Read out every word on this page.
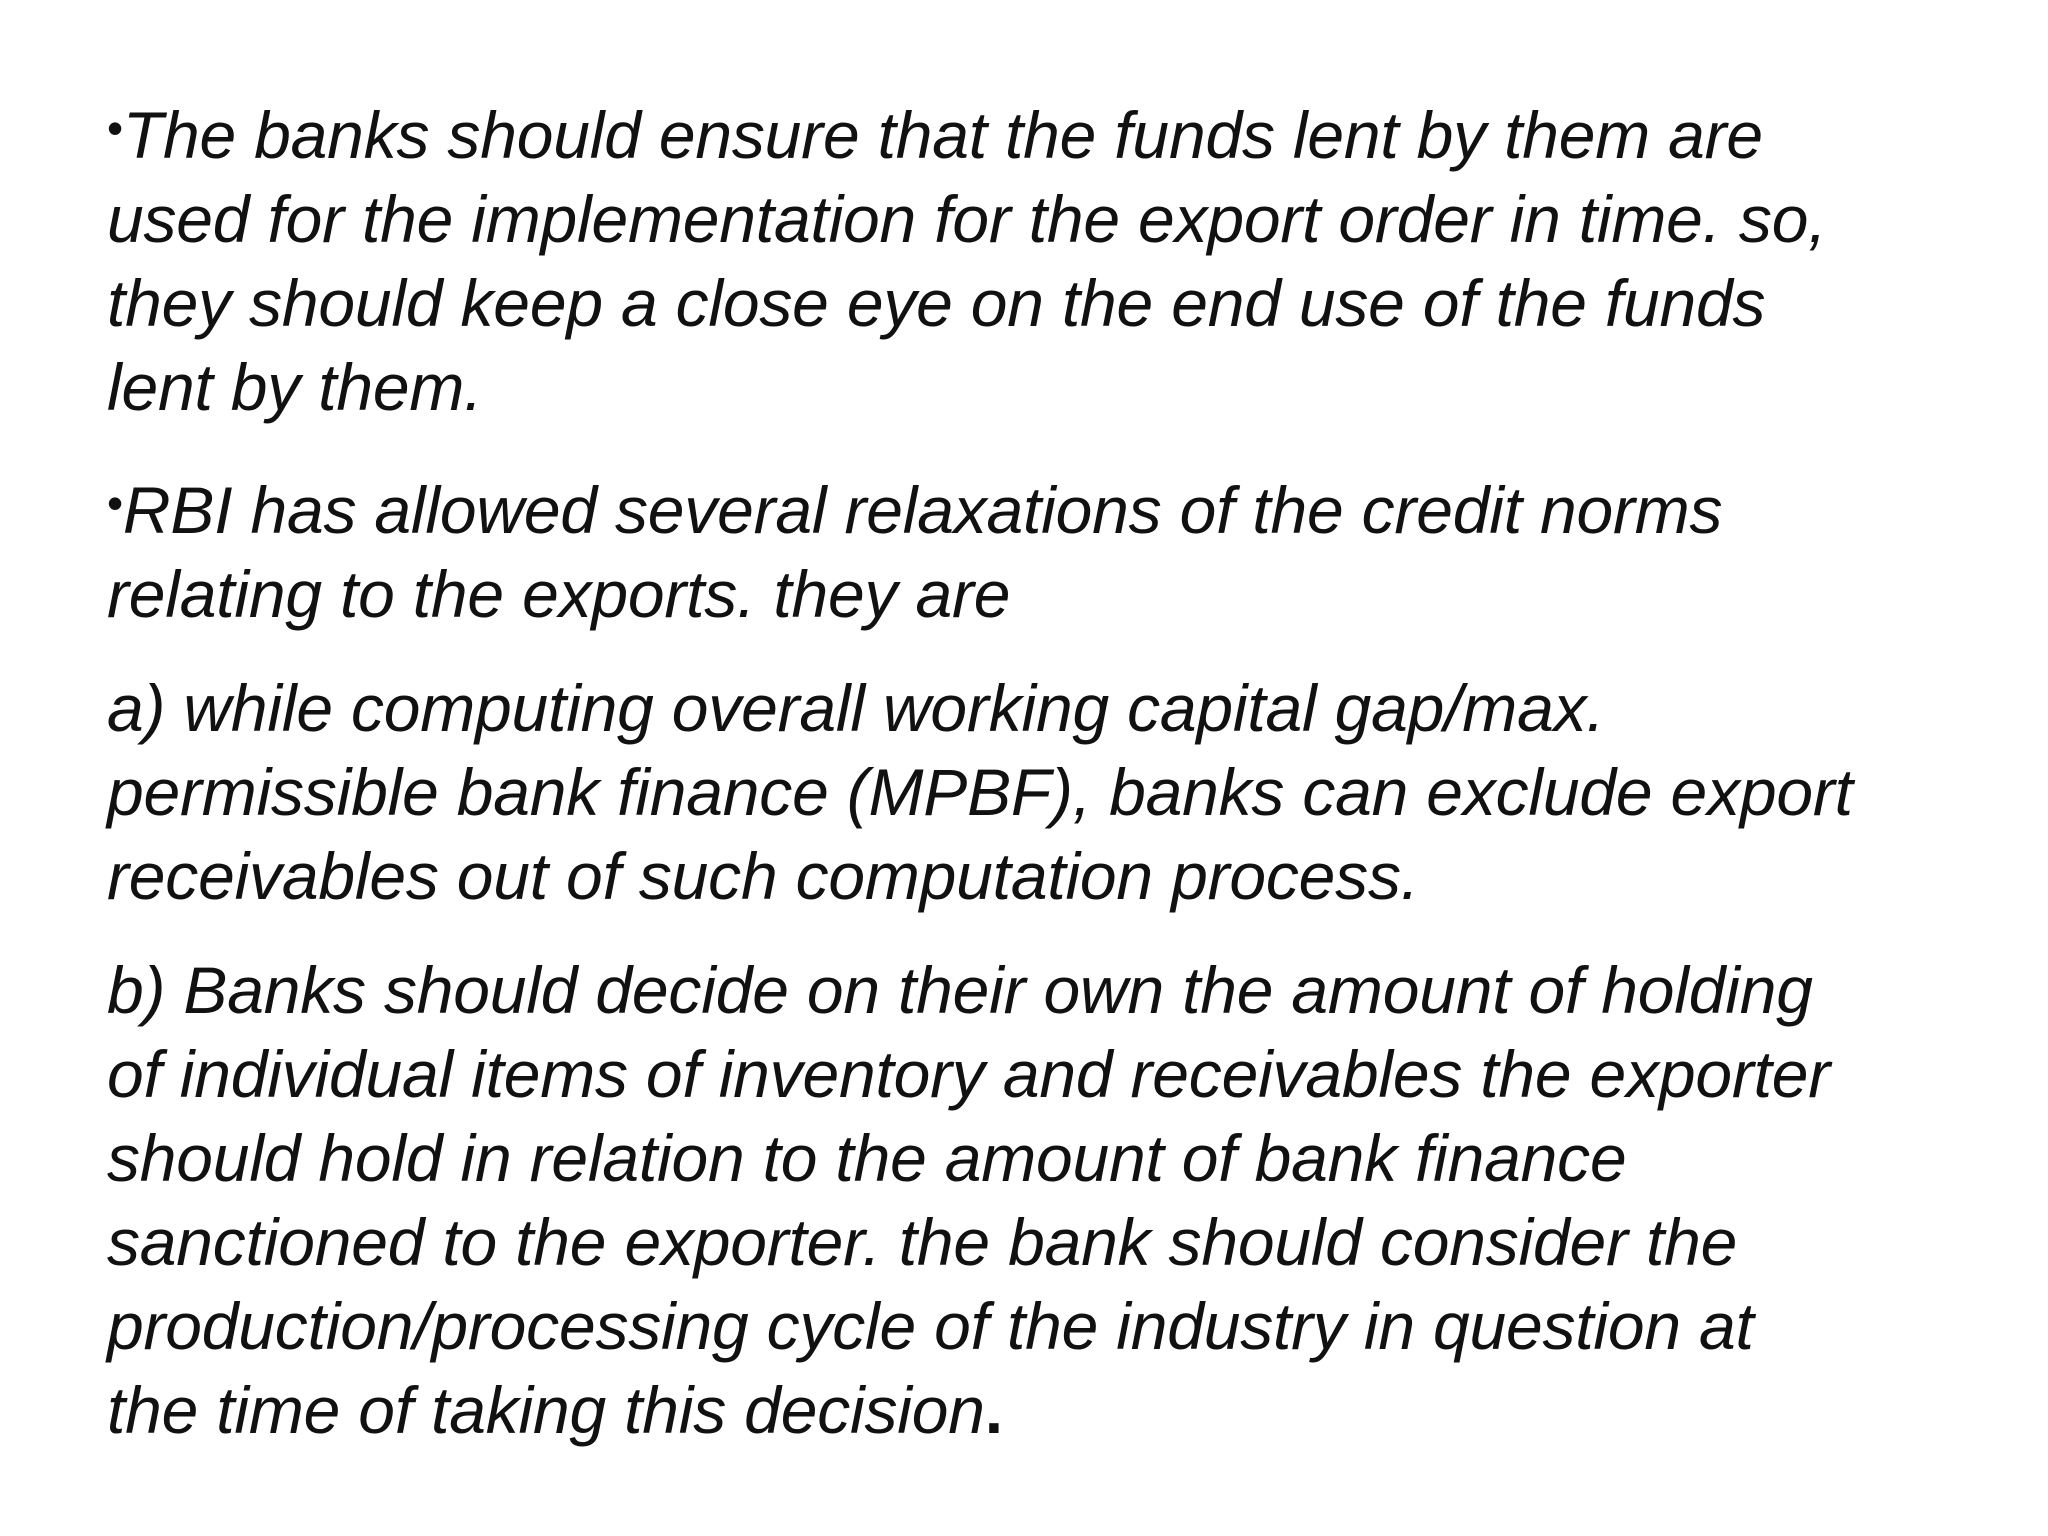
•The banks should ensure that the funds lent by them are
used for the implementation for the export order in time. so,
they should keep a close eye on the end use of the funds
lent by them.

•RBI has allowed several relaxations of the credit norms
relating to the exports. they are

a) while computing overall working capital gap/max.
permissible bank finance (MPBF), banks can exclude export
receivables out of such computation process.

b) Banks should decide on their own the amount of holding
of individual items of inventory and receivables the exporter
should hold in relation to the amount of bank finance
sanctioned to the exporter. the bank should consider the
production/processing cycle of the industry in question at
the time of taking this decision.
